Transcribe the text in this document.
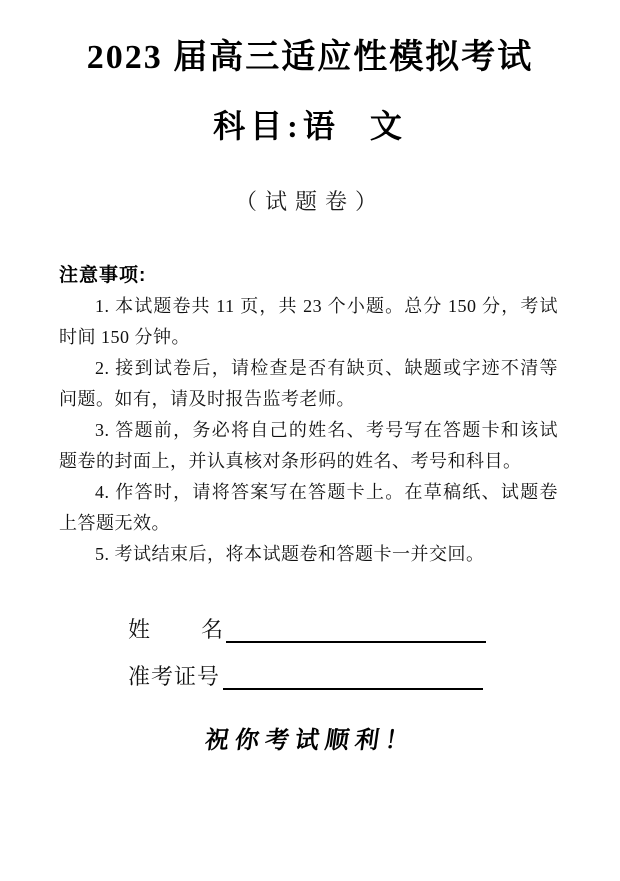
2023 届高三适应性模拟考试
科目:语 文
（试题卷）
注意事项:

1. 本试题卷共 11 页，共 23 个小题。总分 150 分，考试时间 150 分钟。

2. 接到试卷后，请检查是否有缺页、缺题或字迹不清等问题。如有，请及时报告监考老师。

3. 答题前，务必将自己的姓名、考号写在答题卡和该试题卷的封面上，并认真核对条形码的姓名、考号和科目。

4. 作答时，请将答案写在答题卡上。在草稿纸、试题卷上答题无效。

5. 考试结束后，将本试题卷和答题卡一并交回。

姓 名
准考证号
祝你考试顺利！
